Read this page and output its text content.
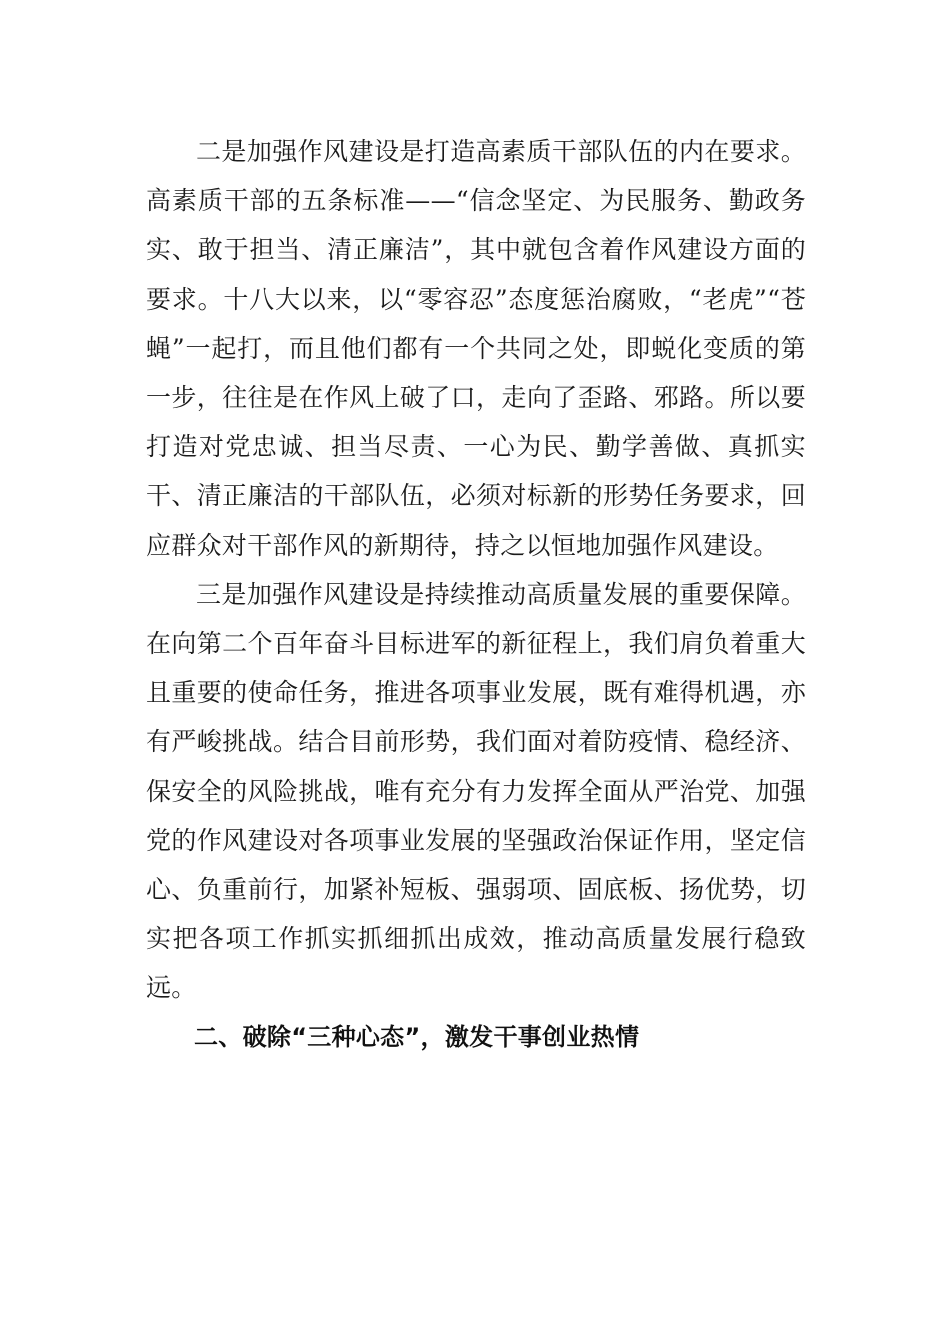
二是加强作风建设是打造高素质干部队伍的内在要求。高素质干部的五条标准——“信念坚定、为民服务、勤政务实、敢于担当、清正廉洁”，其中就包含着作风建设方面的要求。十八大以来，以“零容忍”态度惩治腐败，“老虎”“苍蝇”一起打，而且他们都有一个共同之处，即蜕化变质的第一步，往往是在作风上破了口，走向了歪路、邪路。所以要打造对党忠诚、担当尽责、一心为民、勤学善做、真抓实干、清正廉洁的干部队伍，必须对标新的形势任务要求，回应群众对干部作风的新期待，持之以恒地加强作风建设。

三是加强作风建设是持续推动高质量发展的重要保障。在向第二个百年奋斗目标进军的新征程上，我们肩负着重大且重要的使命任务，推进各项事业发展，既有难得机遇，亦有严峻挑战。结合目前形势，我们面对着防疫情、稳经济、保安全的风险挑战，唯有充分有力发挥全面从严治党、加强党的作风建设对各项事业发展的坚强政治保证作用，坚定信心、负重前行，加紧补短板、强弱项、固底板、扬优势，切实把各项工作抓实抓细抓出成效，推动高质量发展行稳致远。

二、破除“三种心态”，激发干事创业热情
